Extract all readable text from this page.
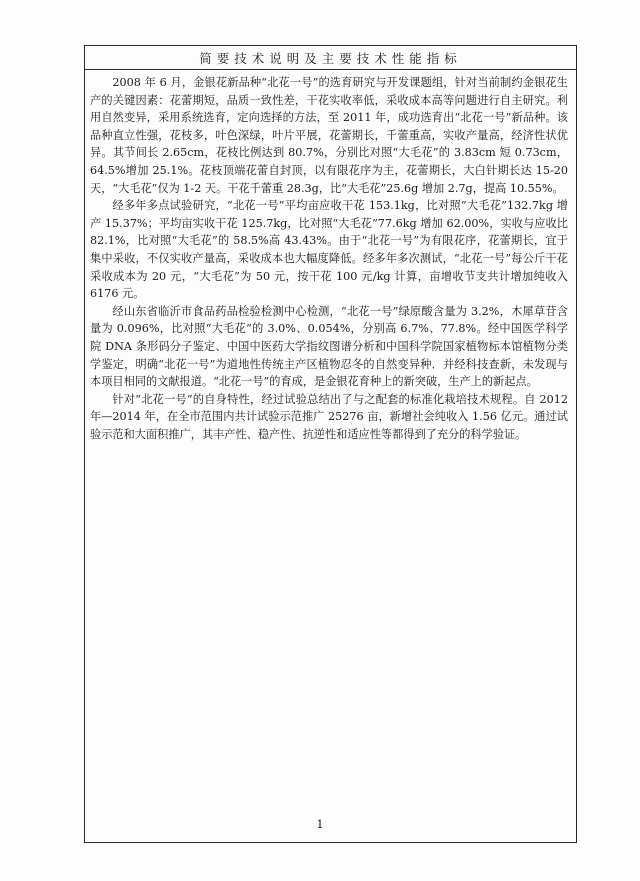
简要技术说明及主要技术性能指标

2008 年 6 月，金银花新品种“北花一号”的选育研究与开发课题组，针对当前制约金银花生产的关键因素：花蕾期短，品质一致性差，干花实收率低，采收成本高等问题进行自主研究。利用自然变异，采用系统选育，定向选择的方法，至 2011 年，成功选育出“北花一号”新品种。该品种直立性强，花枝多，叶色深绿，叶片平展，花蕾期长，千蕾重高，实收产量高，经济性状优异。其节间长 2.65cm，花枝比例达到 80.7%，分别比对照“大毛花”的 3.83cm 短 0.73cm，64.5%增加 25.1%。花枝顶端花蕾自封顶，以有限花序为主，花蕾期长，大白针期长达 15-20 天，“大毛花”仅为 1-2 天。干花千蕾重 28.3g，比“大毛花”25.6g 增加 2.7g，提高 10.55%。

经多年多点试验研究，“北花一号”平均亩应收干花 153.1kg，比对照“大毛花”132.7kg 增产 15.37%；平均亩实收干花 125.7kg，比对照“大毛花”77.6kg 增加 62.00%，实收与应收比 82.1%，比对照“大毛花”的 58.5%高 43.43%。由于“北花一号”为有限花序，花蕾期长，宜于集中采收，不仅实收产量高，采收成本也大幅度降低。经多年多次测试，“北花一号”每公斤干花采收成本为 20 元，“大毛花”为 50 元，按干花 100 元/kg 计算，亩增收节支共计增加纯收入 6176 元。

经山东省临沂市食品药品检验检测中心检测，“北花一号”绿原酸含量为 3.2%，木犀草苷含量为 0.096%，比对照“大毛花”的 3.0%、0.054%，分别高 6.7%、77.8%。经中国医学科学院 DNA 条形码分子鉴定、中国中医药大学指纹图谱分析和中国科学院国家植物标本馆植物分类学鉴定，明确“北花一号”为道地性传统主产区植物忍冬的自然变异种．并经科技查新，未发现与本项目相同的文献报道。“北花一号”的育成，是金银花育种上的新突破，生产上的新起点。

针对“北花一号”的自身特性，经过试验总结出了与之配套的标准化栽培技术规程。自 2012 年—2014 年，在全市范围内共计试验示范推广 25276 亩，新增社会纯收入 1.56 亿元。通过试验示范和大面积推广，其丰产性、稳产性、抗逆性和适应性等都得到了充分的科学验证。

1
